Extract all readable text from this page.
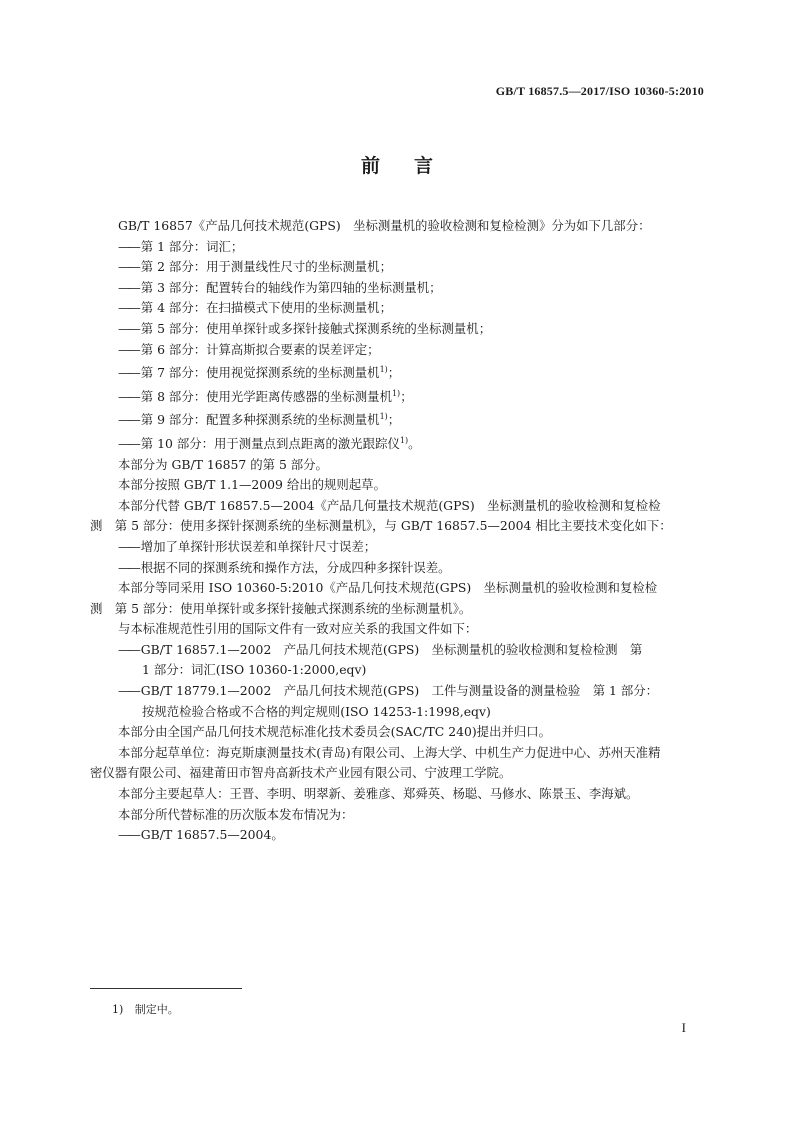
GB/T 16857.5—2017/ISO 10360-5:2010
前言

GB/T 16857《产品几何技术规范(GPS)　坐标测量机的验收检测和复检检测》分为如下几部分：

—— 第 1 部分：词汇；

—— 第 2 部分：用于测量线性尺寸的坐标测量机；

—— 第 3 部分：配置转台的轴线作为第四轴的坐标测量机；

—— 第 4 部分：在扫描模式下使用的坐标测量机；

—— 第 5 部分：使用单探针或多探针接触式探测系统的坐标测量机；

—— 第 6 部分：计算高斯拟合要素的误差评定；

—— 第 7 部分：使用视觉探测系统的坐标测量机$^{1)}$；

—— 第 8 部分：使用光学距离传感器的坐标测量机$^{1)}$；

—— 第 9 部分：配置多种探测系统的坐标测量机$^{1)}$；

—— 第 10 部分：用于测量点到点距离的激光跟踪仪$^{1)}$。

本部分为 GB/T 16857 的第 5 部分。

本部分按照 GB/T 1.1—2009 给出的规则起草。

本部分代替 GB/T 16857.5—2004《产品几何量技术规范(GPS)　坐标测量机的验收检测和复检检

测　第 5 部分：使用多探针探测系统的坐标测量机》，与 GB/T 16857.5—2004 相比主要技术变化如下：

—— 增加了单探针形状误差和单探针尺寸误差；

—— 根据不同的探测系统和操作方法，分成四种多探针误差。

本部分等同采用 ISO 10360-5:2010《产品几何技术规范(GPS)　坐标测量机的验收检测和复检检

测　第 5 部分：使用单探针或多探针接触式探测系统的坐标测量机》。

与本标准规范性引用的国际文件有一致对应关系的我国文件如下：

—— GB/T 16857.1—2002　产品几何技术规范(GPS)　坐标测量机的验收检测和复检检测　第

1 部分：词汇(ISO 10360-1:2000,eqv)

—— GB/T 18779.1—2002　产品几何技术规范(GPS)　工件与测量设备的测量检验　第 1 部分：

按规范检验合格或不合格的判定规则(ISO 14253-1:1998,eqv)

本部分由全国产品几何技术规范标准化技术委员会(SAC/TC 240)提出并归口。

本部分起草单位：海克斯康测量技术(青岛)有限公司、上海大学、中机生产力促进中心、苏州天准精

密仪器有限公司、福建莆田市智舟高新技术产业园有限公司、宁波理工学院。

本部分主要起草人：王晋、李明、明翠新、姜雅彦、郑舜英、杨聪、马修水、陈景玉、李海斌。

本部分所代替标准的历次版本发布情况为：

—— GB/T 16857.5—2004。

1) 制定中。
I
